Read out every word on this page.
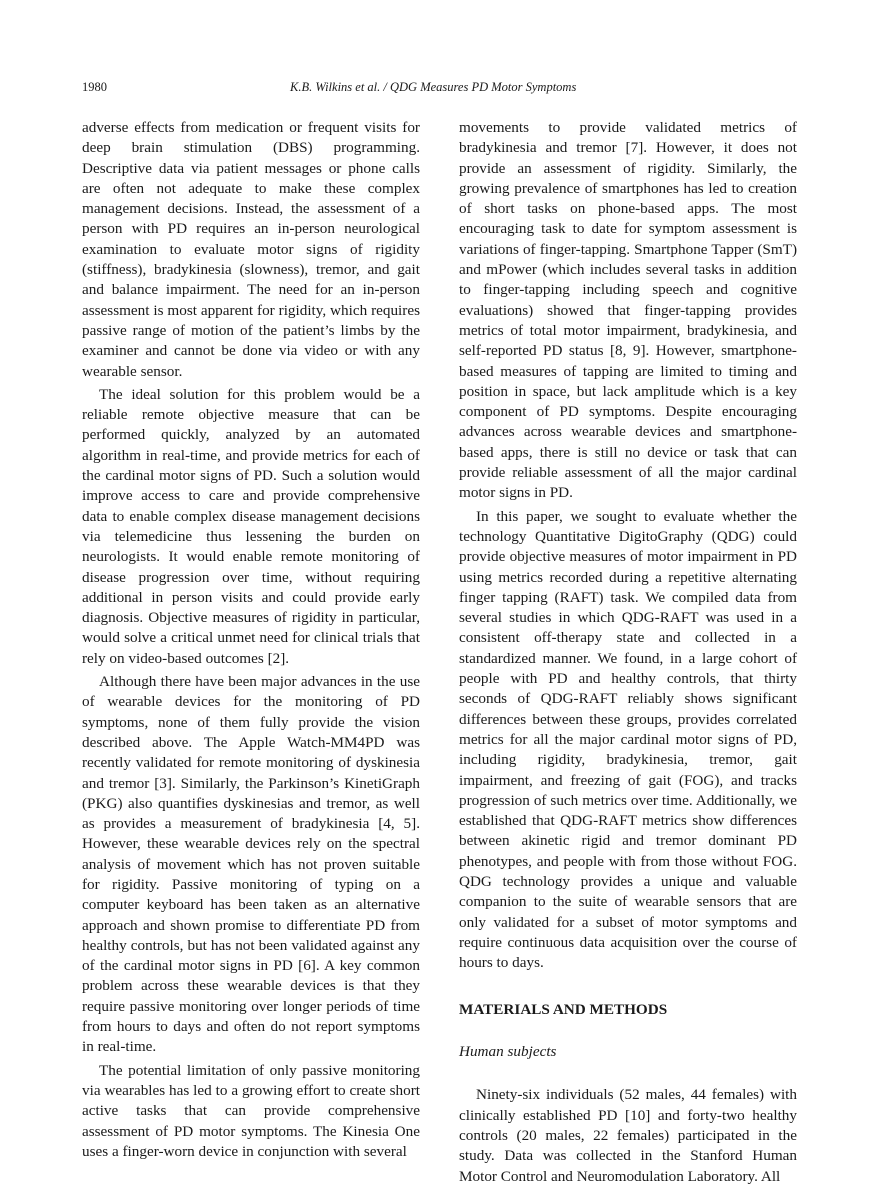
1980	K.B. Wilkins et al. / QDG Measures PD Motor Symptoms

adverse effects from medication or frequent visits for deep brain stimulation (DBS) programming. Descriptive data via patient messages or phone calls are often not adequate to make these complex management decisions. Instead, the assessment of a person with PD requires an in-person neurological examination to evaluate motor signs of rigidity (stiffness), bradykinesia (slowness), tremor, and gait and balance impairment. The need for an in-person assessment is most apparent for rigidity, which requires passive range of motion of the patient’s limbs by the examiner and cannot be done via video or with any wearable sensor.

The ideal solution for this problem would be a reliable remote objective measure that can be performed quickly, analyzed by an automated algorithm in real-time, and provide metrics for each of the cardinal motor signs of PD. Such a solution would improve access to care and provide comprehensive data to enable complex disease management decisions via telemedicine thus lessening the burden on neurologists. It would enable remote monitoring of disease progression over time, without requiring additional in person visits and could provide early diagnosis. Objective measures of rigidity in particular, would solve a critical unmet need for clinical trials that rely on video-based outcomes [2].

Although there have been major advances in the use of wearable devices for the monitoring of PD symptoms, none of them fully provide the vision described above. The Apple Watch-MM4PD was recently validated for remote monitoring of dyskinesia and tremor [3]. Similarly, the Parkinson’s KinetiGraph (PKG) also quantifies dyskinesias and tremor, as well as provides a measurement of bradykinesia [4, 5]. However, these wearable devices rely on the spectral analysis of movement which has not proven suitable for rigidity. Passive monitoring of typing on a computer keyboard has been taken as an alternative approach and shown promise to differentiate PD from healthy controls, but has not been validated against any of the cardinal motor signs in PD [6]. A key common problem across these wearable devices is that they require passive monitoring over longer periods of time from hours to days and often do not report symptoms in real-time.

The potential limitation of only passive monitoring via wearables has led to a growing effort to create short active tasks that can provide comprehensive assessment of PD motor symptoms. The Kinesia One uses a finger-worn device in conjunction with several

movements to provide validated metrics of bradykinesia and tremor [7]. However, it does not provide an assessment of rigidity. Similarly, the growing prevalence of smartphones has led to creation of short tasks on phone-based apps. The most encouraging task to date for symptom assessment is variations of finger-tapping. Smartphone Tapper (SmT) and mPower (which includes several tasks in addition to finger-tapping including speech and cognitive evaluations) showed that finger-tapping provides metrics of total motor impairment, bradykinesia, and self-reported PD status [8, 9]. However, smartphone-based measures of tapping are limited to timing and position in space, but lack amplitude which is a key component of PD symptoms. Despite encouraging advances across wearable devices and smartphone-based apps, there is still no device or task that can provide reliable assessment of all the major cardinal motor signs in PD.

In this paper, we sought to evaluate whether the technology Quantitative DigitoGraphy (QDG) could provide objective measures of motor impairment in PD using metrics recorded during a repetitive alternating finger tapping (RAFT) task. We compiled data from several studies in which QDG-RAFT was used in a consistent off-therapy state and collected in a standardized manner. We found, in a large cohort of people with PD and healthy controls, that thirty seconds of QDG-RAFT reliably shows significant differences between these groups, provides correlated metrics for all the major cardinal motor signs of PD, including rigidity, bradykinesia, tremor, gait impairment, and freezing of gait (FOG), and tracks progression of such metrics over time. Additionally, we established that QDG-RAFT metrics show differences between akinetic rigid and tremor dominant PD phenotypes, and people with from those without FOG. QDG technology provides a unique and valuable companion to the suite of wearable sensors that are only validated for a subset of motor symptoms and require continuous data acquisition over the course of hours to days.

MATERIALS AND METHODS
Human subjects

Ninety-six individuals (52 males, 44 females) with clinically established PD [10] and forty-two healthy controls (20 males, 22 females) participated in the study. Data was collected in the Stanford Human Motor Control and Neuromodulation Laboratory. All
